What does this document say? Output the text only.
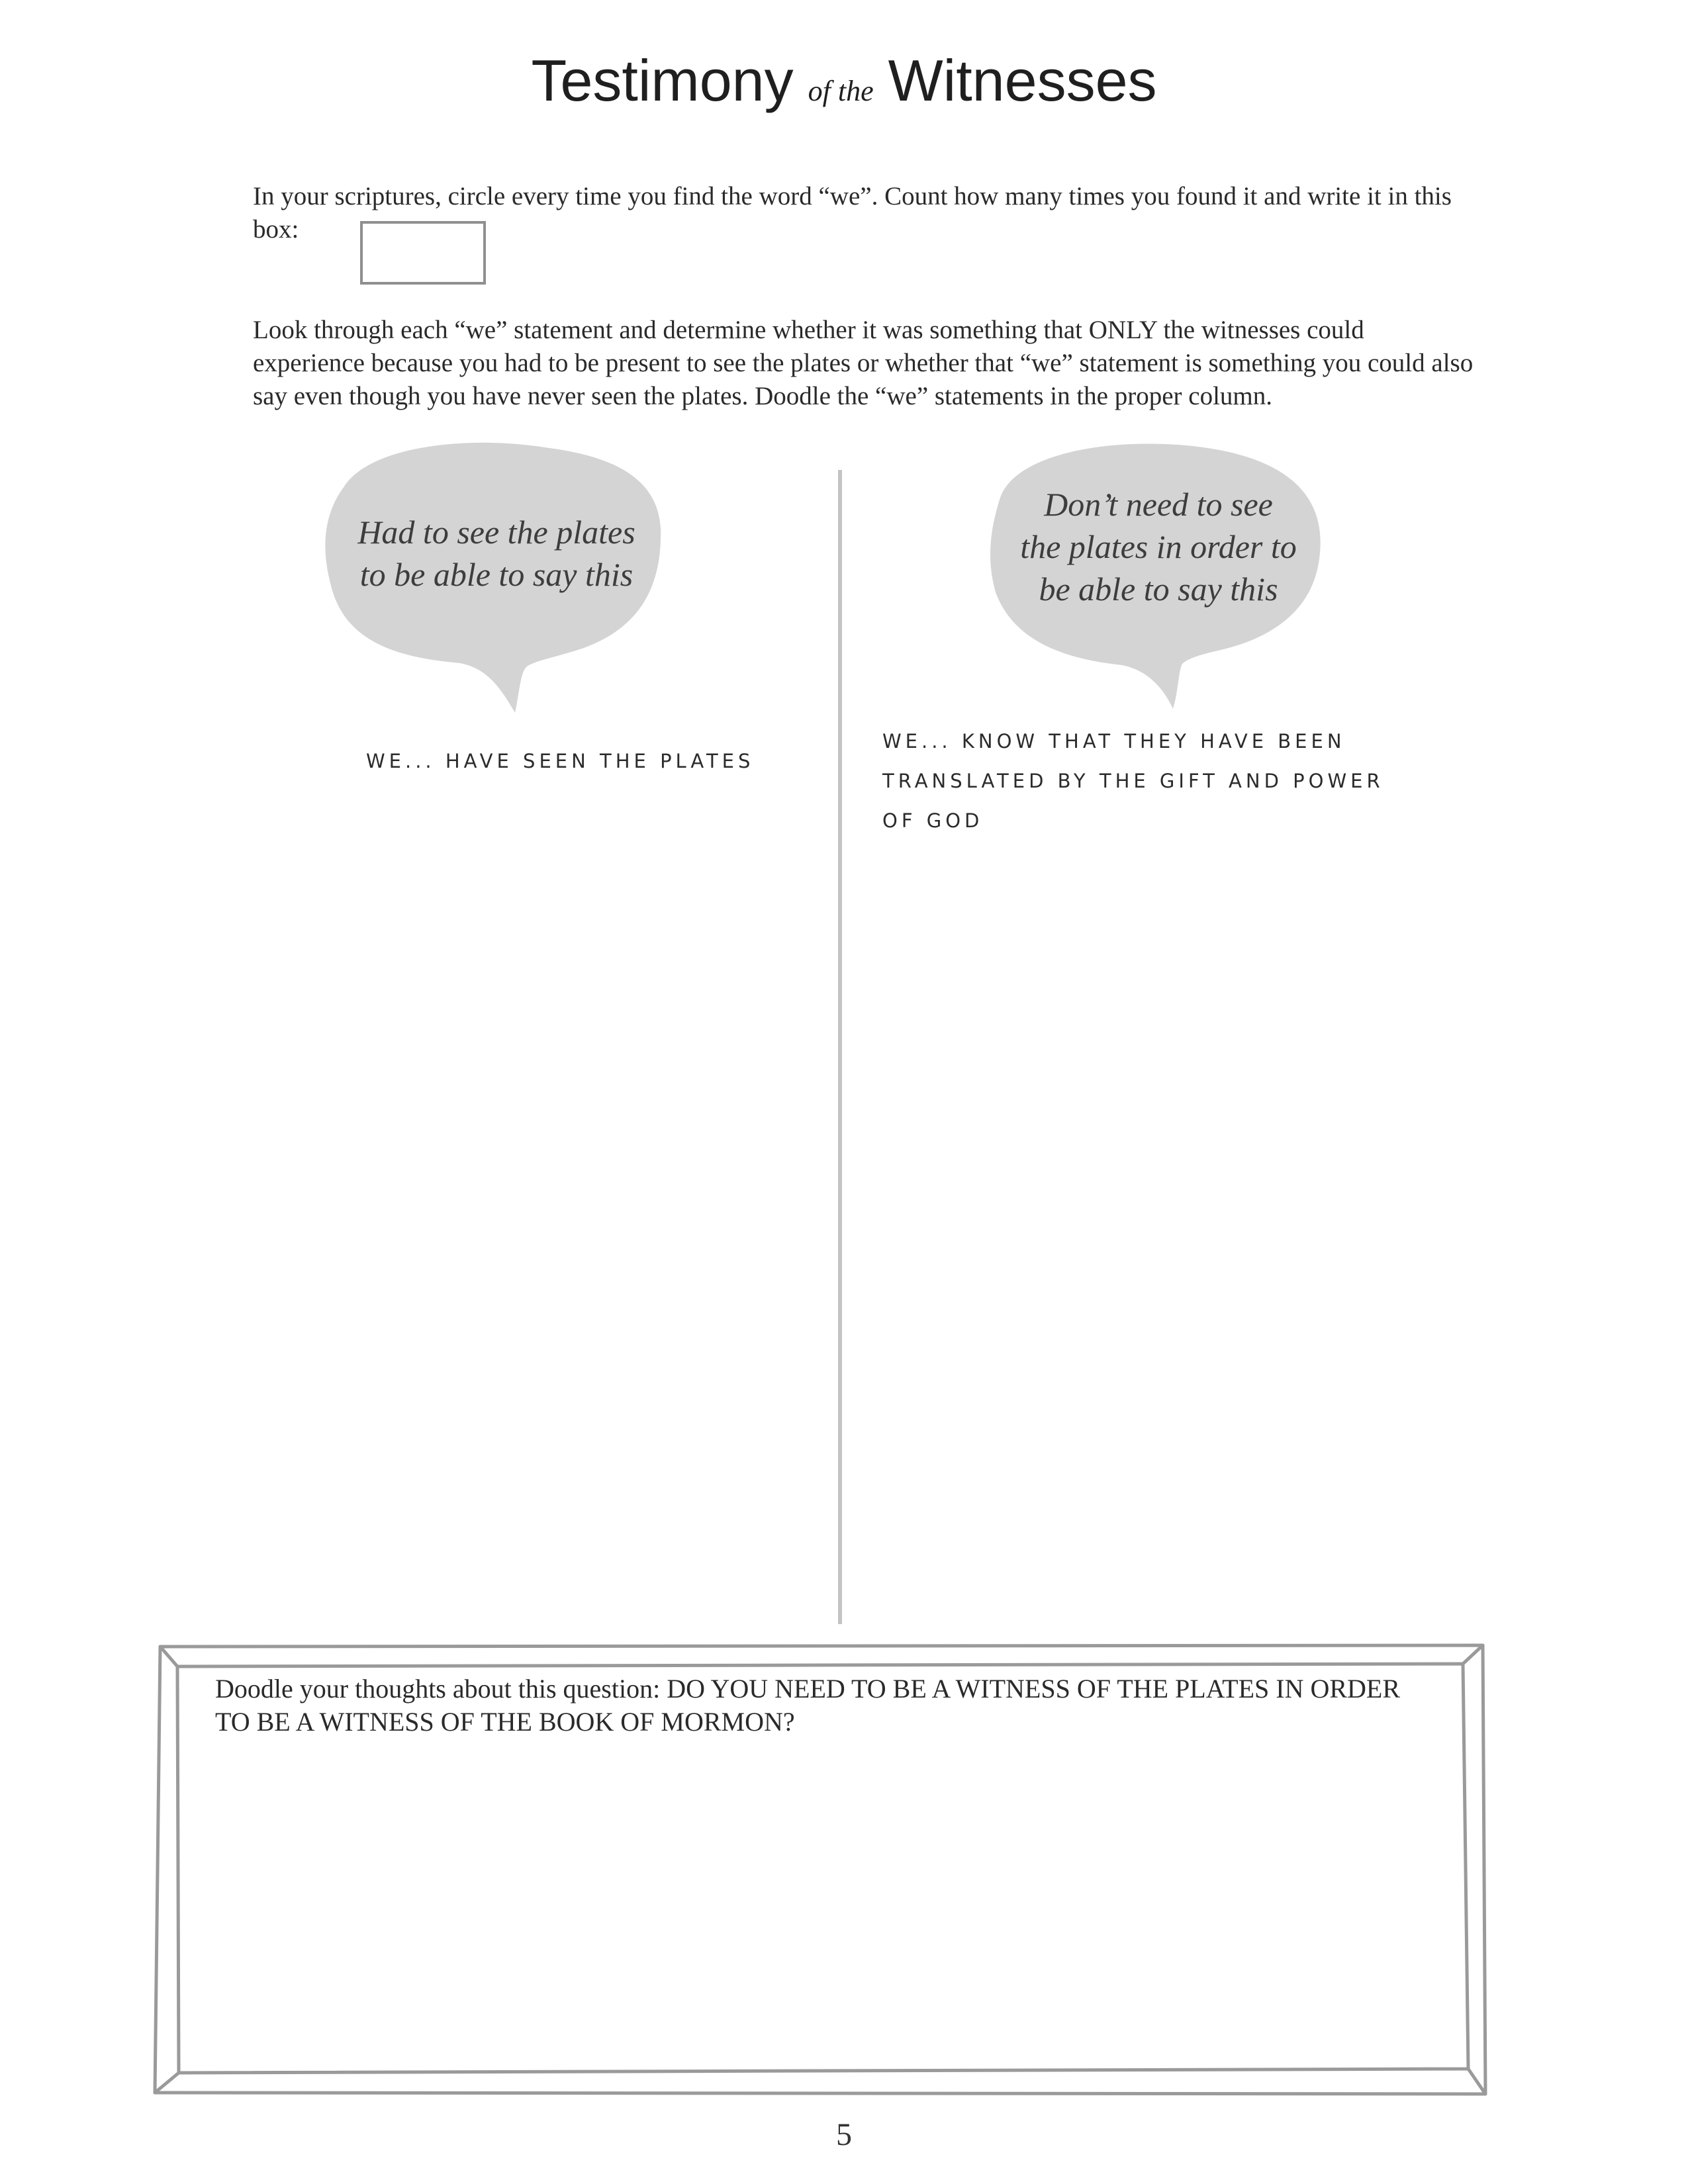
Testimony of the Witnesses
In your scriptures, circle every time you find the word “we”. Count how many times you found it and write it in this box:
Look through each “we” statement and determine whether it was something that ONLY the witnesses could experience because you had to be present to see the plates or whether that “we” statement is something you could also say even though you have never seen the plates. Doodle the “we” statements in the proper column.
Had to see the plates
to be able to say this
Don’t need to see
the plates in order to
be able to say this
WE... HAVE SEEN THE PLATES
WE... KNOW THAT THEY HAVE BEEN
TRANSLATED BY THE GIFT AND POWER
OF GOD
Doodle your thoughts about this question: DO YOU NEED TO BE A WITNESS OF THE PLATES IN ORDER TO BE A WITNESS OF THE BOOK OF MORMON?
5
